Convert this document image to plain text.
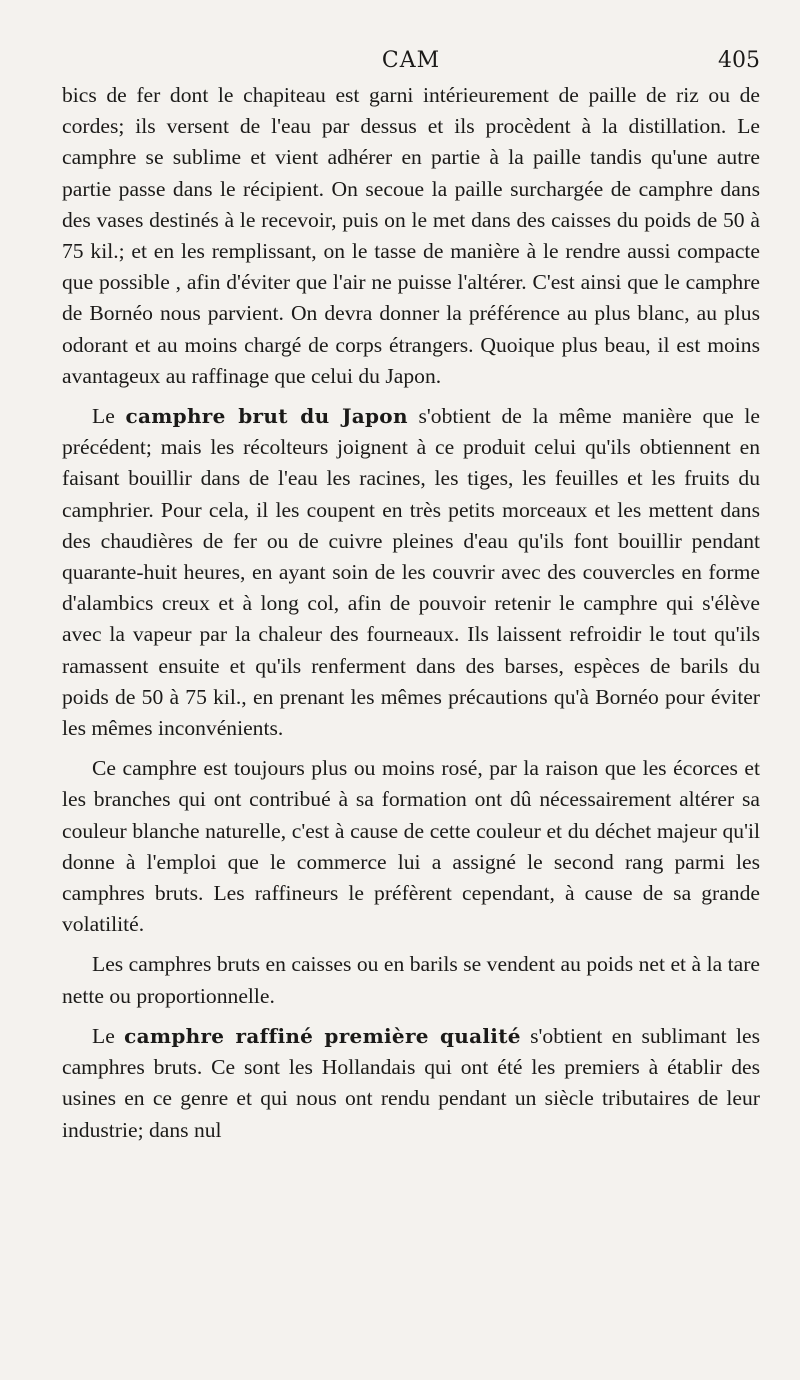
CAM	405

bics de fer dont le chapiteau est garni intérieurement de paille de riz ou de cordes; ils versent de l'eau par dessus et ils procèdent à la distillation. Le camphre se sublime et vient adhérer en partie à la paille tandis qu'une autre partie passe dans le récipient. On secoue la paille surchargée de camphre dans des vases destinés à le recevoir, puis on le met dans des caisses du poids de 50 à 75 kil.; et en les remplissant, on le tasse de manière à le rendre aussi compacte que possible , afin d'éviter que l'air ne puisse l'altérer. C'est ainsi que le camphre de Bornéo nous parvient. On devra donner la préférence au plus blanc, au plus odorant et au moins chargé de corps étrangers. Quoique plus beau, il est moins avantageux au raffinage que celui du Japon.

Le camphre brut du Japon s'obtient de la même manière que le précédent; mais les récolteurs joignent à ce produit celui qu'ils obtiennent en faisant bouillir dans de l'eau les racines, les tiges, les feuilles et les fruits du camphrier. Pour cela, il les coupent en très petits morceaux et les mettent dans des chaudières de fer ou de cuivre pleines d'eau qu'ils font bouillir pendant quarante-huit heures, en ayant soin de les couvrir avec des couvercles en forme d'alambics creux et à long col, afin de pouvoir retenir le camphre qui s'élève avec la vapeur par la chaleur des fourneaux. Ils laissent refroidir le tout qu'ils ramassent ensuite et qu'ils renferment dans des barses, espèces de barils du poids de 50 à 75 kil., en prenant les mêmes précautions qu'à Bornéo pour éviter les mêmes inconvénients.

Ce camphre est toujours plus ou moins rosé, par la raison que les écorces et les branches qui ont contribué à sa formation ont dû nécessairement altérer sa couleur blanche naturelle, c'est à cause de cette couleur et du déchet majeur qu'il donne à l'emploi que le commerce lui a assigné le second rang parmi les camphres bruts. Les raffineurs le préfèrent cependant, à cause de sa grande volatilité.

Les camphres bruts en caisses ou en barils se vendent au poids net et à la tare nette ou proportionnelle.

Le camphre raffiné première qualité s'obtient en sublimant les camphres bruts. Ce sont les Hollandais qui ont été les premiers à établir des usines en ce genre et qui nous ont rendu pendant un siècle tributaires de leur industrie; dans nul
